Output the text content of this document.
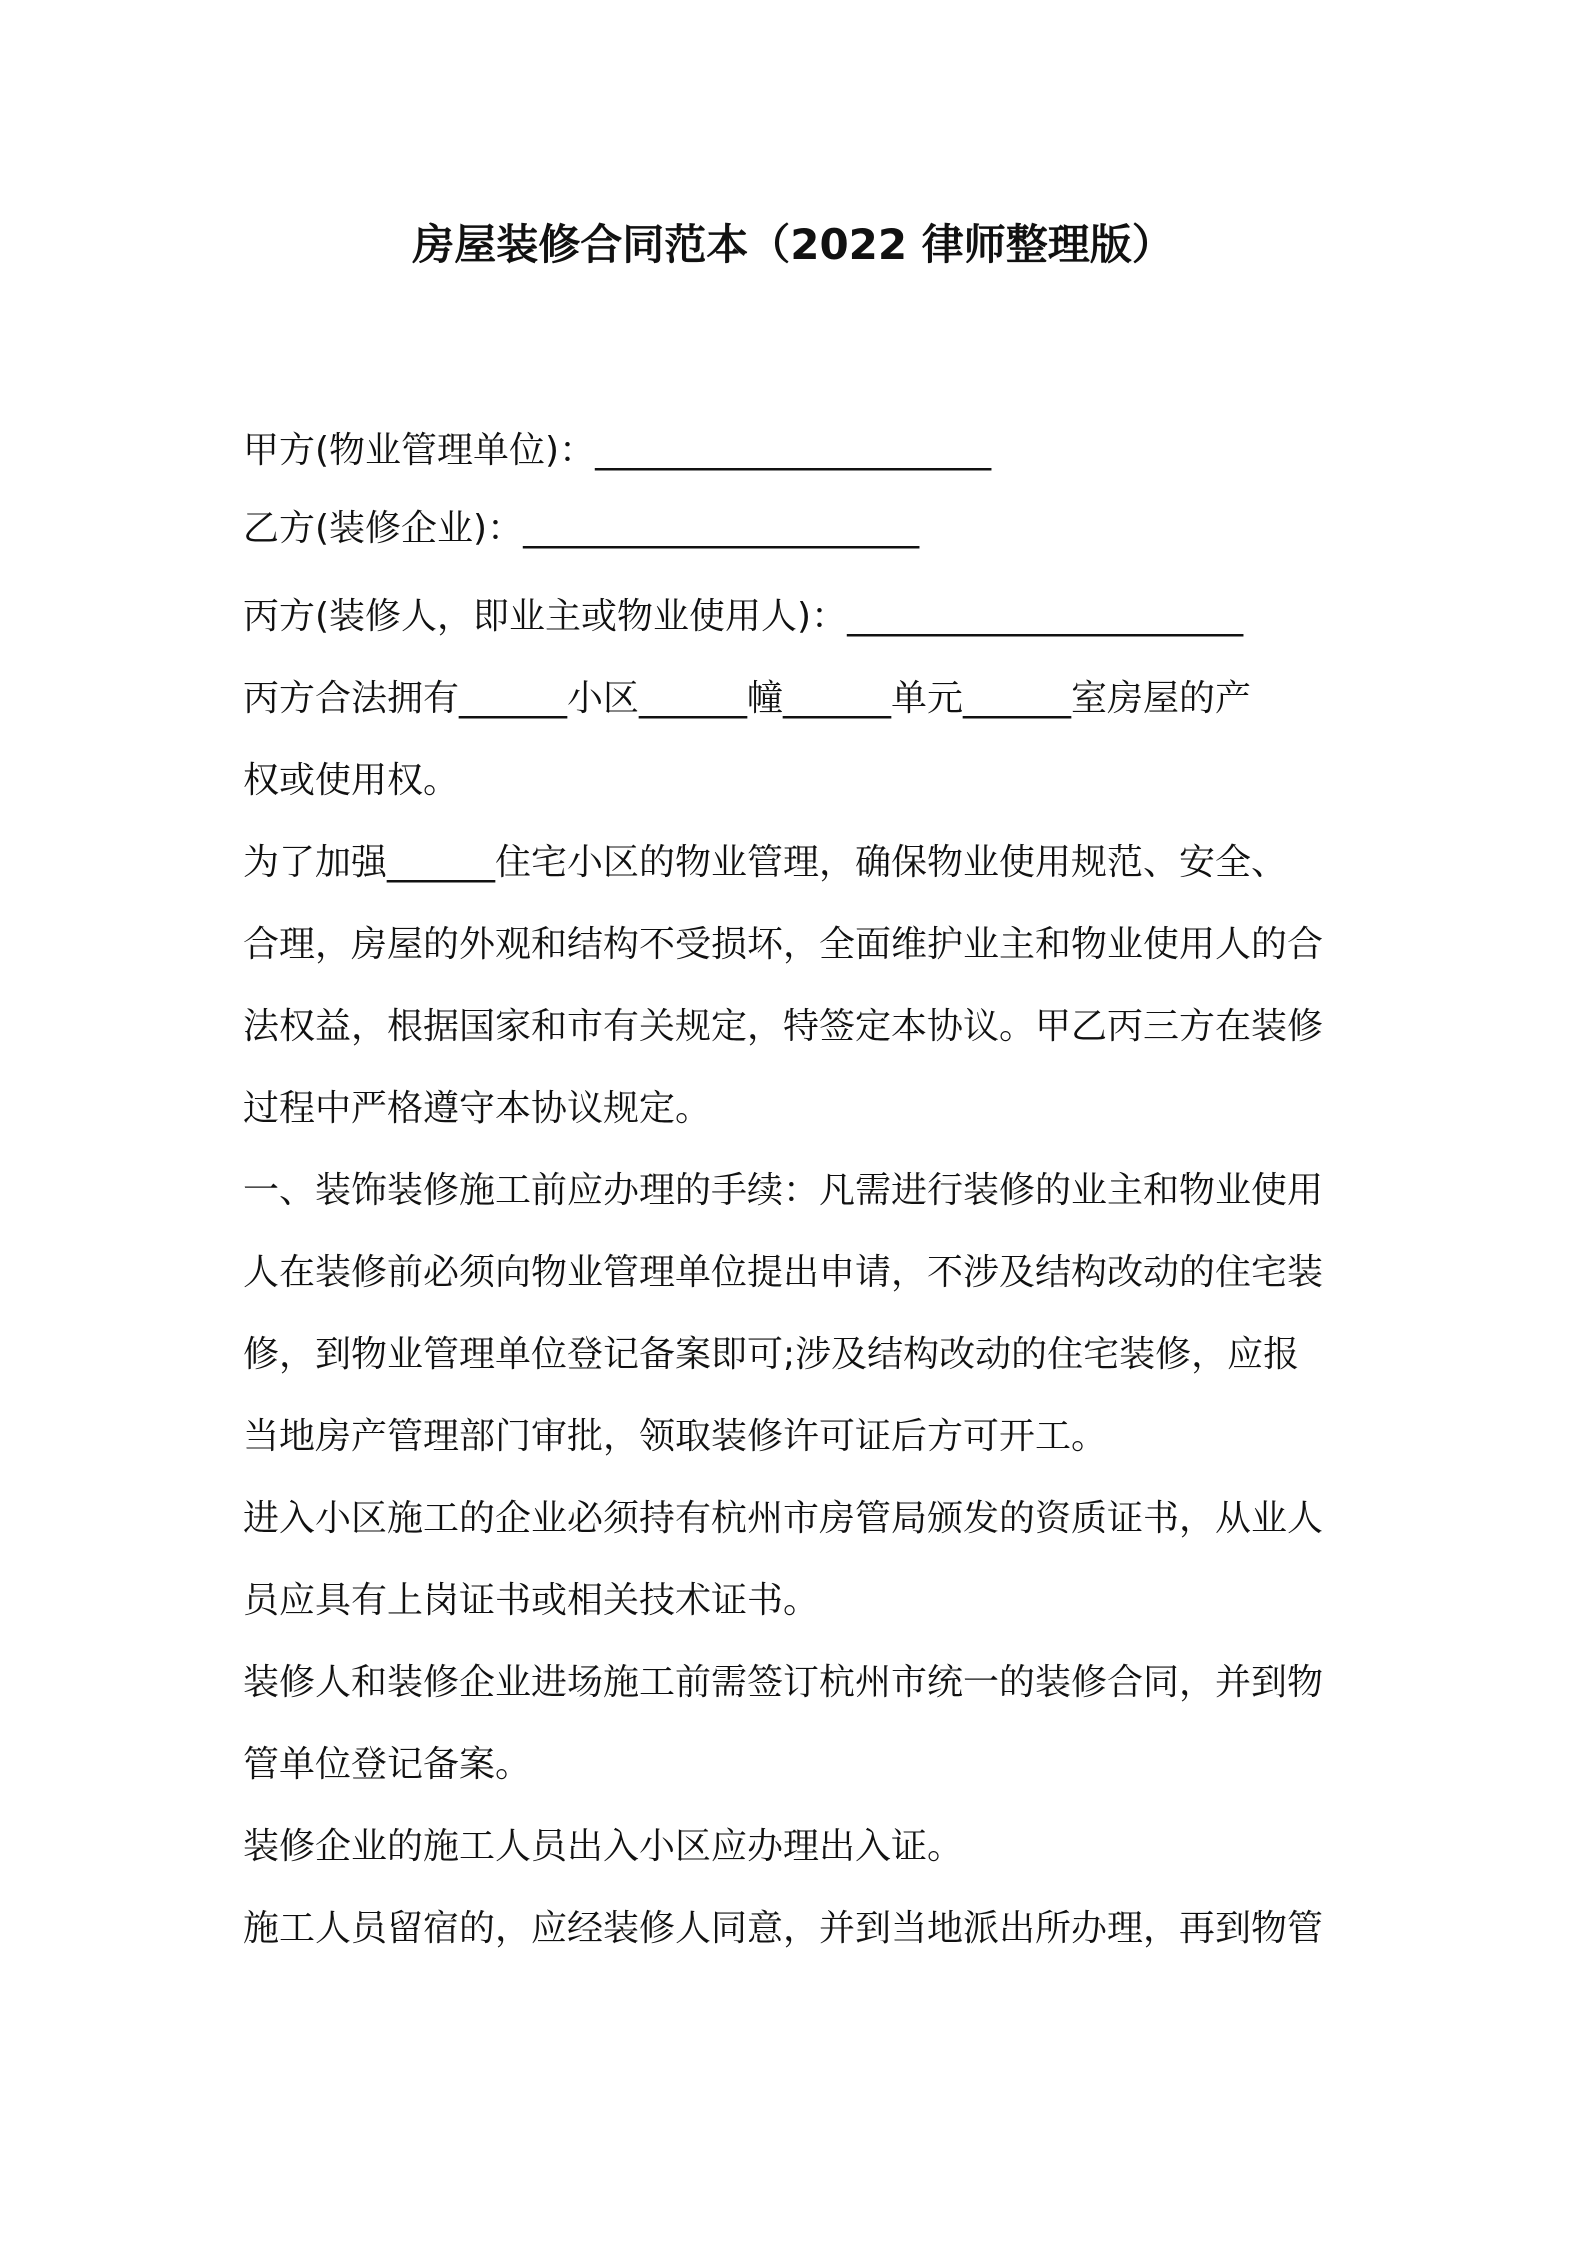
房屋装修合同范本（2022 律师整理版）
甲方(物业管理单位)：______________________
乙方(装修企业)：______________________
丙方(装修人，即业主或物业使用人)：______________________
丙方合法拥有______小区______幢______单元______室房屋的产
权或使用权。
为了加强______住宅小区的物业管理，确保物业使用规范、安全、
合理，房屋的外观和结构不受损坏，全面维护业主和物业使用人的合
法权益，根据国家和市有关规定，特签定本协议。甲乙丙三方在装修
过程中严格遵守本协议规定。
一、装饰装修施工前应办理的手续：凡需进行装修的业主和物业使用
人在装修前必须向物业管理单位提出申请，不涉及结构改动的住宅装
修，到物业管理单位登记备案即可;涉及结构改动的住宅装修，应报
当地房产管理部门审批，领取装修许可证后方可开工。
进入小区施工的企业必须持有杭州市房管局颁发的资质证书，从业人
员应具有上岗证书或相关技术证书。
装修人和装修企业进场施工前需签订杭州市统一的装修合同，并到物
管单位登记备案。
装修企业的施工人员出入小区应办理出入证。
施工人员留宿的，应经装修人同意，并到当地派出所办理，再到物管
